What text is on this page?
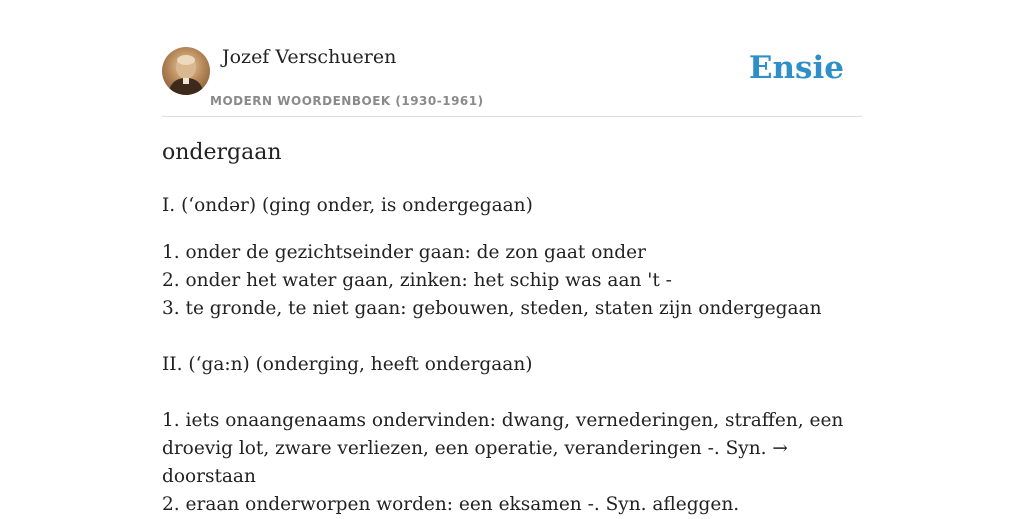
Jozef Verschueren
MODERN WOORDENBOEK (1930-1961)
Ensie
ondergaan
I. (ʻondər) (ging onder, is ondergegaan)
1. onder de gezichtseinder gaan: de zon gaat onder
2. onder het water gaan, zinken: het schip was aan 't -
3. te gronde, te niet gaan: gebouwen, steden, staten zijn ondergegaan
II. (ʻga:n) (onderging, heeft ondergaan)
1. iets onaangenaams ondervinden: dwang, vernederingen, straffen, een droevig lot, zware verliezen, een operatie, veranderingen -. Syn. → doorstaan
2. eraan onderworpen worden: een eksamen -. Syn. afleggen.
